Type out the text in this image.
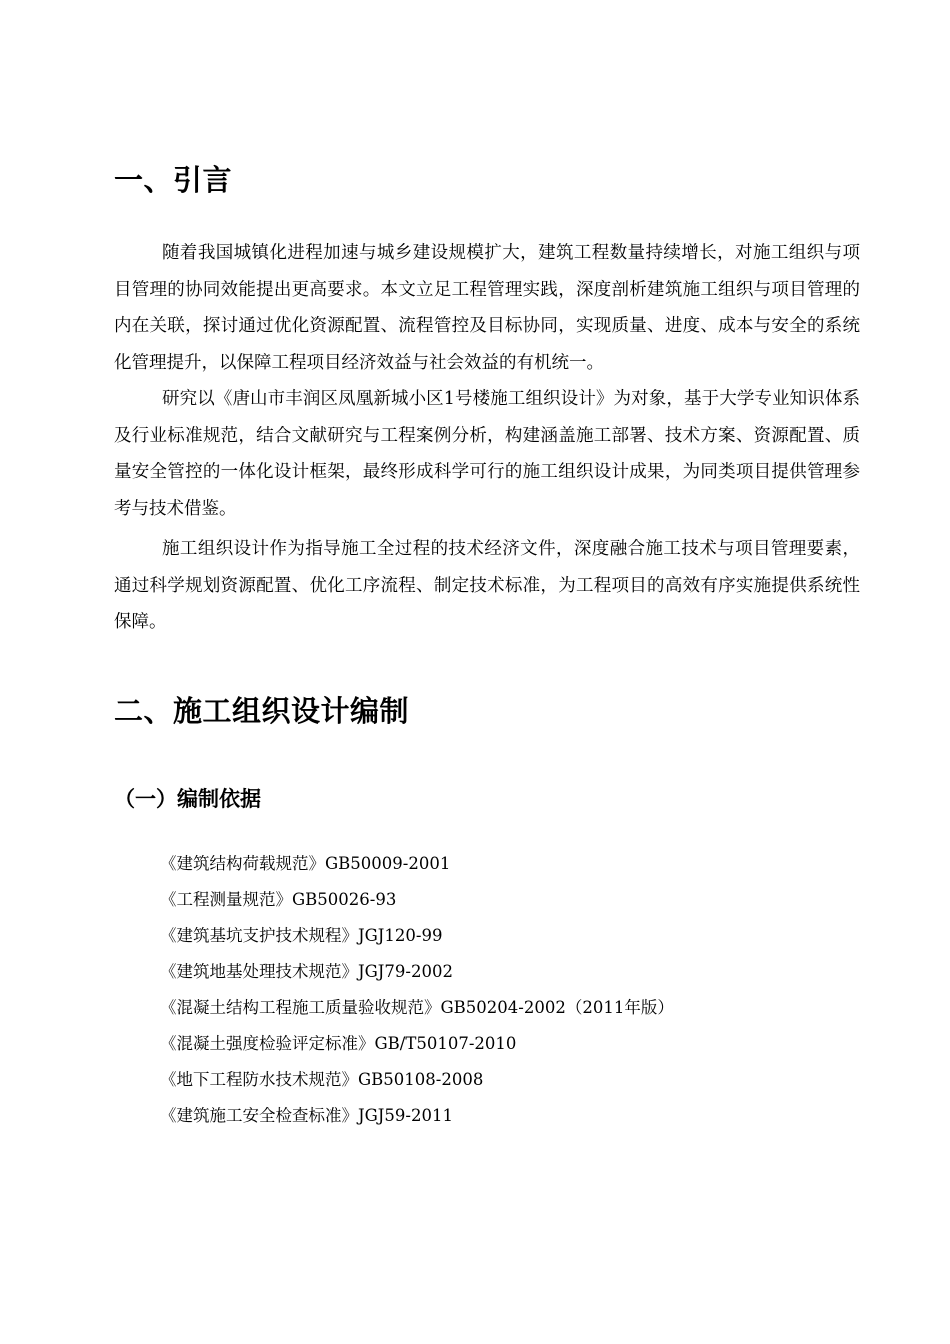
一、引言

随着我国城镇化进程加速与城乡建设规模扩大，建筑工程数量持续增长，对施工组织与项目管理的协同效能提出更高要求。本文立足工程管理实践，深度剖析建筑施工组织与项目管理的内在关联，探讨通过优化资源配置、流程管控及目标协同，实现质量、进度、成本与安全的系统化管理提升，以保障工程项目经济效益与社会效益的有机统一。

研究以《唐山市丰润区凤凰新城小区1号楼施工组织设计》为对象，基于大学专业知识体系及行业标准规范，结合文献研究与工程案例分析，构建涵盖施工部署、技术方案、资源配置、质量安全管控的一体化设计框架，最终形成科学可行的施工组织设计成果，为同类项目提供管理参考与技术借鉴。

施工组织设计作为指导施工全过程的技术经济文件，深度融合施工技术与项目管理要素，通过科学规划资源配置、优化工序流程、制定技术标准，为工程项目的高效有序实施提供系统性保障。

二、施工组织设计编制
（一）编制依据
《建筑结构荷载规范》GB50009-2001
《工程测量规范》GB50026-93
《建筑基坑支护技术规程》JGJ120-99
《建筑地基处理技术规范》JGJ79-2002
《混凝土结构工程施工质量验收规范》GB50204-2002（2011年版）
《混凝土强度检验评定标准》GB/T50107-2010
《地下工程防水技术规范》GB50108-2008
《建筑施工安全检查标准》JGJ59-2011
